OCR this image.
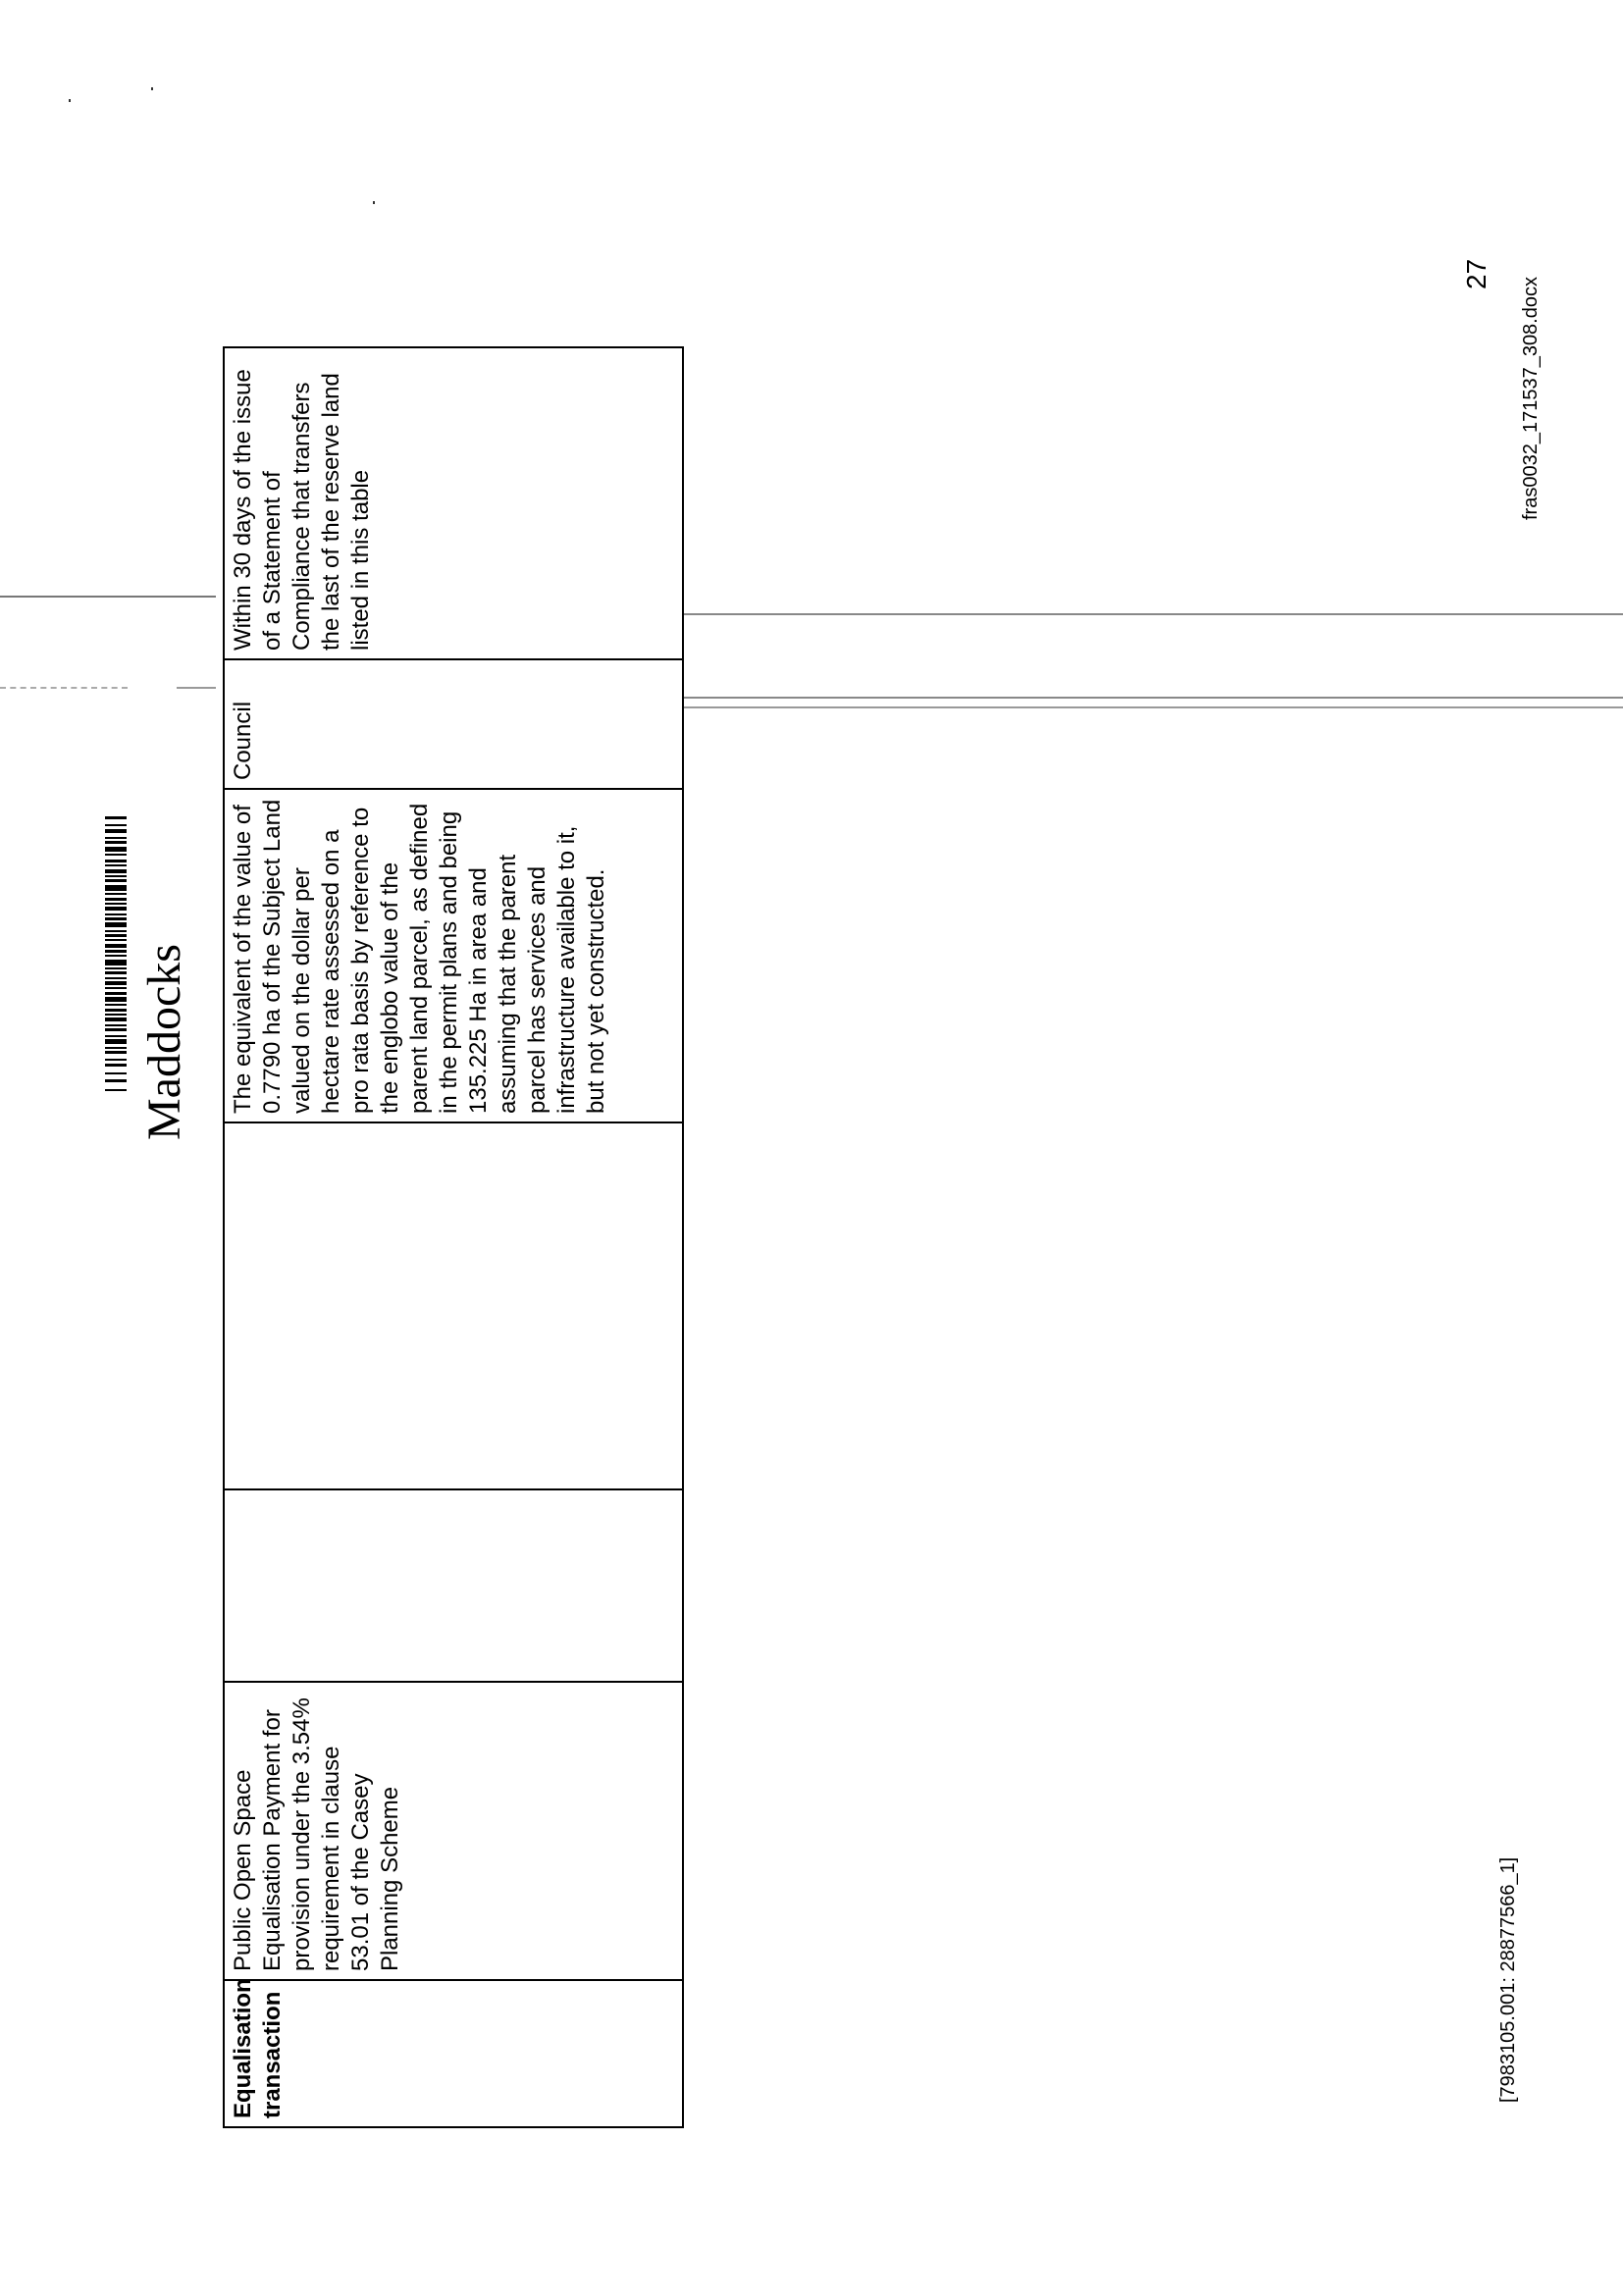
Maddocks
Equalisation transaction	Public Open Space Equalisation Payment for provision under the 3.54% requirement in clause 53.01 of the Casey Planning Scheme			The equivalent of the value of 0.7790 ha of the Subject Land valued on the dollar per hectare rate assessed on a pro rata basis by reference to the englobo value of the parent land parcel, as defined in the permit plans and being 135.225 Ha in area and assuming that the parent parcel has services and infrastructure available to it, but not yet constructed.	Council	Within 30 days of the issue of a Statement of Compliance that transfers the last of the reserve land listed in this table
[7983105.001: 28877566_1]
27
fras0032_171537_308.docx
